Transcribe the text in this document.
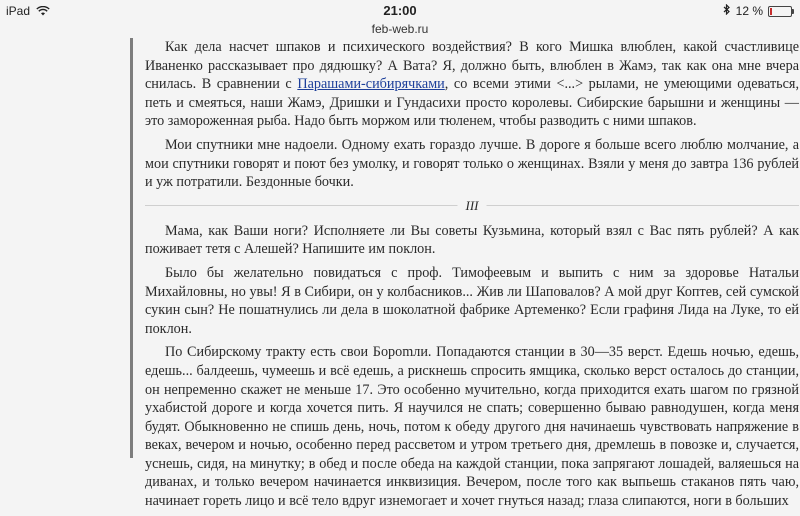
iPad	21:00	12 %
feb-web.ru

Как дела насчет шпаков и психического воздействия? В кого Мишка влюблен, какой счастливице Иваненко рассказывает про дядюшку? А Вата? Я, должно быть, влюблен в Жамэ, так как она мне вчера снилась. В сравнении с Парашами-сибирячками, со всеми этими <...> рылами, не умеющими одеваться, петь и смеяться, наши Жамэ, Дришки и Гундасихи просто королевы. Сибирские барышни и женщины — это замороженная рыба. Надо быть моржом или тюленем, чтобы разводить с ними шпаков.

Мои спутники мне надоели. Одному ехать гораздо лучше. В дороге я больше всего люблю молчание, а мои спутники говорят и поют без умолку, и говорят только о женщинах. Взяли у меня до завтра 136 рублей и уж потратили. Бездонные бочки.

III

Мама, как Ваши ноги? Исполняете ли Вы советы Кузьмина, который взял с Вас пять рублей? А как поживает тетя с Алешей? Напишите им поклон.

Было бы желательно повидаться с проф. Тимофеевым и выпить с ним за здоровье Натальи Михайловны, но увы! Я в Сибири, он у колбасников... Жив ли Шаповалов? А мой друг Коптев, сей сумской сукин сын? Не пошатнулись ли дела в шоколатной фабрике Артеменко? Если графиня Лида на Луке, то ей поклон.

По Сибирскому тракту есть свои Бороmли. Попадаются станции в 30—35 верст. Едешь ночью, едешь, едешь... балдеешь, чумеешь и всё едешь, а рискнешь спросить ямщика, сколько верст осталось до станции, он непременно скажет не меньше 17. Это особенно мучительно, когда приходится ехать шагом по грязной ухабистой дороге и когда хочется пить. Я научился не спать; совершенно бываю равнодушен, когда меня будят. Обыкновенно не спишь день, ночь, потом к обеду другого дня начинаешь чувствовать напряжение в веках, вечером и ночью, особенно перед рассветом и утром третьего дня, дремлешь в повозке и, случается, уснешь, сидя, на минутку; в обед и после обеда на каждой станции, пока запрягают лошадей, валяешься на диванах, и только вечером начинается инквизиция. Вечером, после того как выпьешь стаканов пять чаю, начинает гореть лицо и всё тело вдруг изнемогает и хочет гнуться назад; глаза слипаются, ноги в больших
